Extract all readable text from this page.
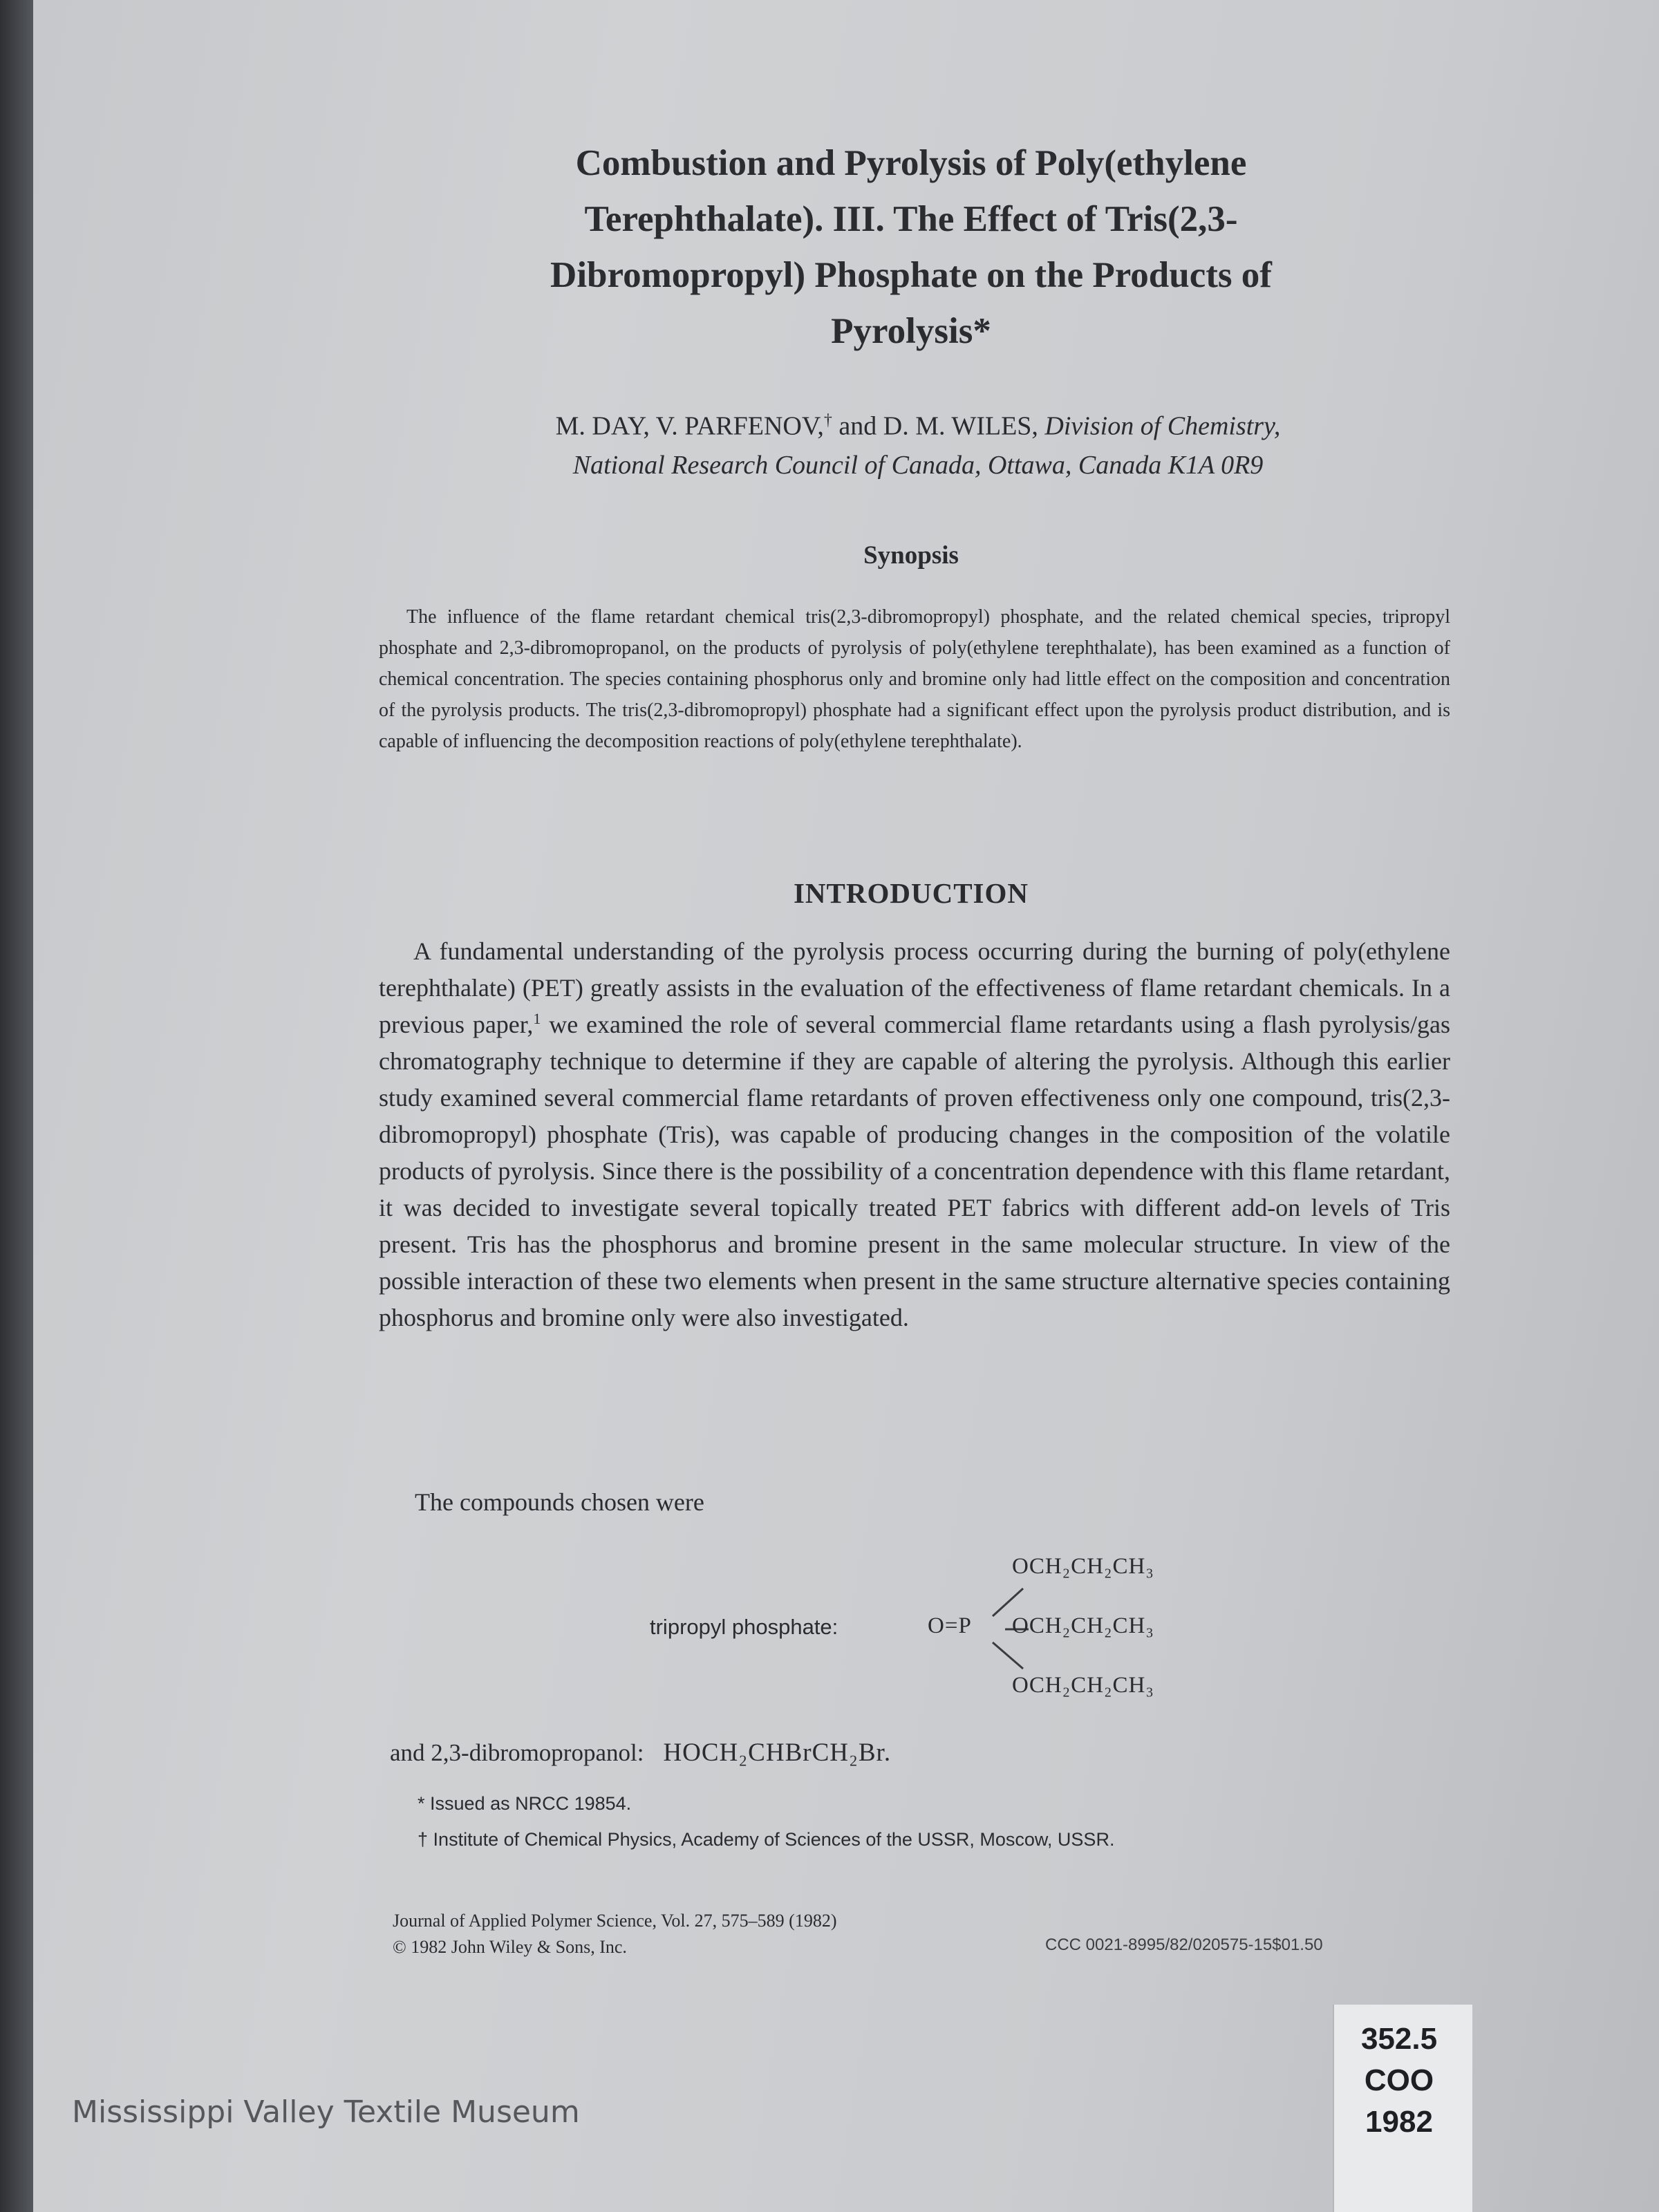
Combustion and Pyrolysis of Poly(ethylene
Terephthalate). III. The Effect of Tris(2,3-
Dibromopropyl) Phosphate on the Products of
Pyrolysis*
M. DAY, V. PARFENOV,† and D. M. WILES, Division of Chemistry,
National Research Council of Canada, Ottawa, Canada K1A 0R9
Synopsis
The influence of the flame retardant chemical tris(2,3-dibromopropyl) phosphate, and the related chemical species, tripropyl phosphate and 2,3-dibromopropanol, on the products of pyrolysis of poly(ethylene terephthalate), has been examined as a function of chemical concentration. The species containing phosphorus only and bromine only had little effect on the composition and concentration of the pyrolysis products. The tris(2,3-dibromopropyl) phosphate had a significant effect upon the pyrolysis product distribution, and is capable of influencing the decomposition reactions of poly(ethylene terephthalate).
INTRODUCTION
A fundamental understanding of the pyrolysis process occurring during the burning of poly(ethylene terephthalate) (PET) greatly assists in the evaluation of the effectiveness of flame retardant chemicals. In a previous paper,$^1$ we examined the role of several commercial flame retardants using a flash pyrolysis/gas chromatography technique to determine if they are capable of altering the pyrolysis. Although this earlier study examined several commercial flame retardants of proven effectiveness only one compound, tris(2,3-dibromopropyl) phosphate (Tris), was capable of producing changes in the composition of the volatile products of pyrolysis. Since there is the possibility of a concentration dependence with this flame retardant, it was decided to investigate several topically treated PET fabrics with different add-on levels of Tris present. Tris has the phosphorus and bromine present in the same molecular structure. In view of the possible interaction of these two elements when present in the same structure alternative species containing phosphorus and bromine only were also investigated.
The compounds chosen were
tripropyl phosphate:	O=P
OCH₂CH₂CH₃
OCH₂CH₂CH₃
OCH₂CH₂CH₃
and 2,3-dibromopropanol: HOCH₂CHBrCH₂Br.
* Issued as NRCC 19854.
† Institute of Chemical Physics, Academy of Sciences of the USSR, Moscow, USSR.
Journal of Applied Polymer Science, Vol. 27, 575–589 (1982)
© 1982 John Wiley & Sons, Inc.	CCC 0021-8995/82/020575-15$01.50
352.5
COO
1982
Mississippi Valley Textile Museum
